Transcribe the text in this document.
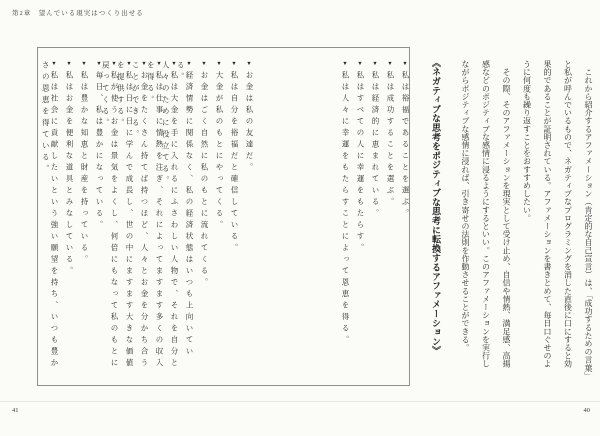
第2章　望んでいる現実はつくり出せる
　これから紹介するアファメーション（肯定的な自己宣言）は、「成功するための言葉」
と私が呼んでいるもので、ネガティブなプログラミングを消した直後に口にすると効
果的であることが証明されている。アファメーションを書きとめて、毎日口ぐせのよ
うに何度も繰り返すことをおすすめしたい。
　その際、そのアファメーションを現実として受け止め、自信や情熱、満足感、高揚
感などのポジティブな感情に浸るようにするといい。このアファメーションを実行し
ながらポジティブな感情に浸れば、引き寄せの法則を作動させることができる。
《ネガティブな思考をポジティブな思考に転換するアファメーション》
▼私は裕福であることを選ぶ。
▼私は成功することを選ぶ。
▼私は経済的に恵まれている。
▼私はすべての人に幸運をもたらす。
▼私は人々に幸運をもたらすことによって恩恵を得る。
▼お金は私の友達だ。
▼私は自分を裕福だと確信している。
▼大金が私のもとにやってくる。
▼お金はごく自然に私のもとに流れてくる。
▼経済情勢に関係なく、私の経済状態はいつも上向いている。
▼私は大金を手に入れるにふさわしい人物で、それを自分と人々のために役立てる。
▼私は仕事に情熱を注ぎ、それによってますます多くの収入を得る。
▼お金をたくさん持てば持つほど、人々とお金を分かち合うことができる。
▼私は日に日に学んで成長し、世の中にますます大きな価値を提供する。
▼私が使うお金は景気をよくし、何倍にもなって私のもとに戻ってくる。
▼毎日、私は豊かになっている。
▼私は豊かな知恵と財産を持っている。
▼私はお金を便利な道具とみなしている。
▼私は社会に貢献したいという強い願望を持ち、いつも豊かさの恩恵を得ている。
41	40
